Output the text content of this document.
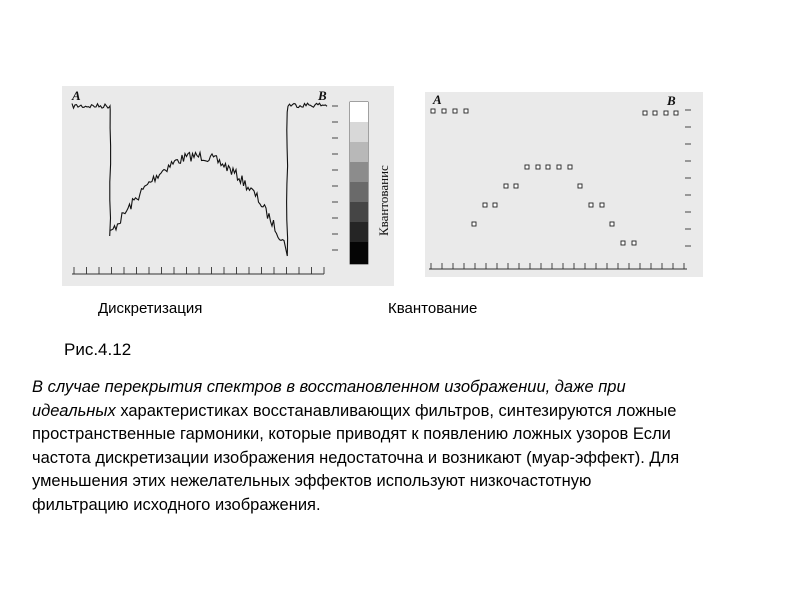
A	B
Квантованис
A	B
Дискретизация	Квантование
Рис.4.12
В случае перекрытия спектров в восстановленном изображении, даже при
идеальных характеристиках восстанавливающих фильтров, синтезируются ложные
пространственные гармоники, которые приводят к появлению ложных узоров Если
частота дискретизации изображения недостаточна и возникают (муар-эффект). Для
уменьшения этих нежелательных эффектов используют низкочастотную
фильтрацию исходного изображения.
